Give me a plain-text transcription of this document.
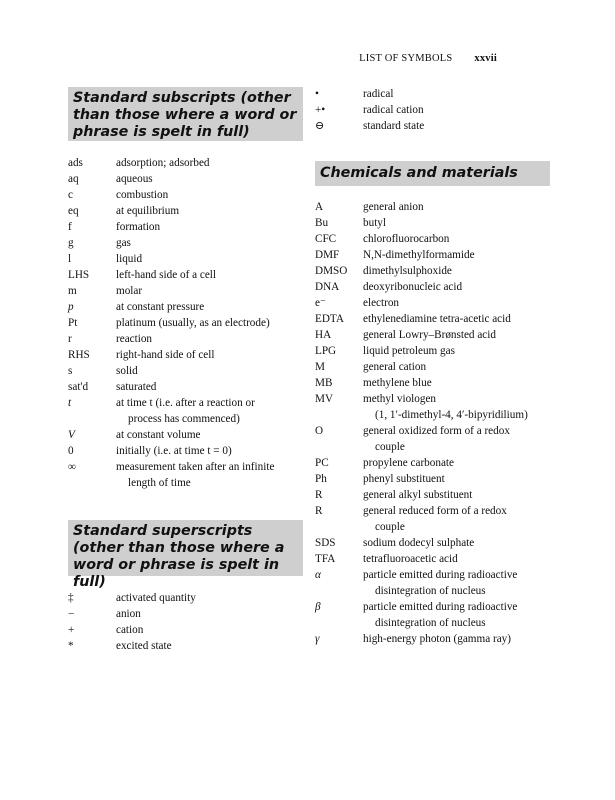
LIST OF SYMBOLS xxvii
Standard subscripts (other than those where a word or phrase is spelt in full)
ads	adsorption; adsorbed
aq	aqueous
c	combustion
eq	at equilibrium
f	formation
g	gas
l	liquid
LHS	left-hand side of a cell
m	molar
p	at constant pressure
Pt	platinum (usually, as an electrode)
r	reaction
RHS	right-hand side of cell
s	solid
sat'd	saturated
t	at time t (i.e. after a reaction or
process has commenced)
V	at constant volume
0	initially (i.e. at time t = 0)
∞	measurement taken after an infinite
length of time
Standard superscripts (other than those where a word or phrase is spelt in full)
‡	activated quantity
−	anion
+	cation
*	excited state
•	radical
+•	radical cation
⊖	standard state
Chemicals and materials
A	general anion
Bu	butyl
CFC	chlorofluorocarbon
DMF	N,N-dimethylformamide
DMSO	dimethylsulphoxide
DNA	deoxyribonucleic acid
e⁻	electron
EDTA	ethylenediamine tetra-acetic acid
HA	general Lowry–Brønsted acid
LPG	liquid petroleum gas
M	general cation
MB	methylene blue
MV	methyl viologen
(1, 1′-dimethyl-4, 4′-bipyridilium)
O	general oxidized form of a redox
couple
PC	propylene carbonate
Ph	phenyl substituent
R	general alkyl substituent
R	general reduced form of a redox
couple
SDS	sodium dodecyl sulphate
TFA	tetrafluoroacetic acid
α	particle emitted during radioactive
disintegration of nucleus
β	particle emitted during radioactive
disintegration of nucleus
γ	high-energy photon (gamma ray)
